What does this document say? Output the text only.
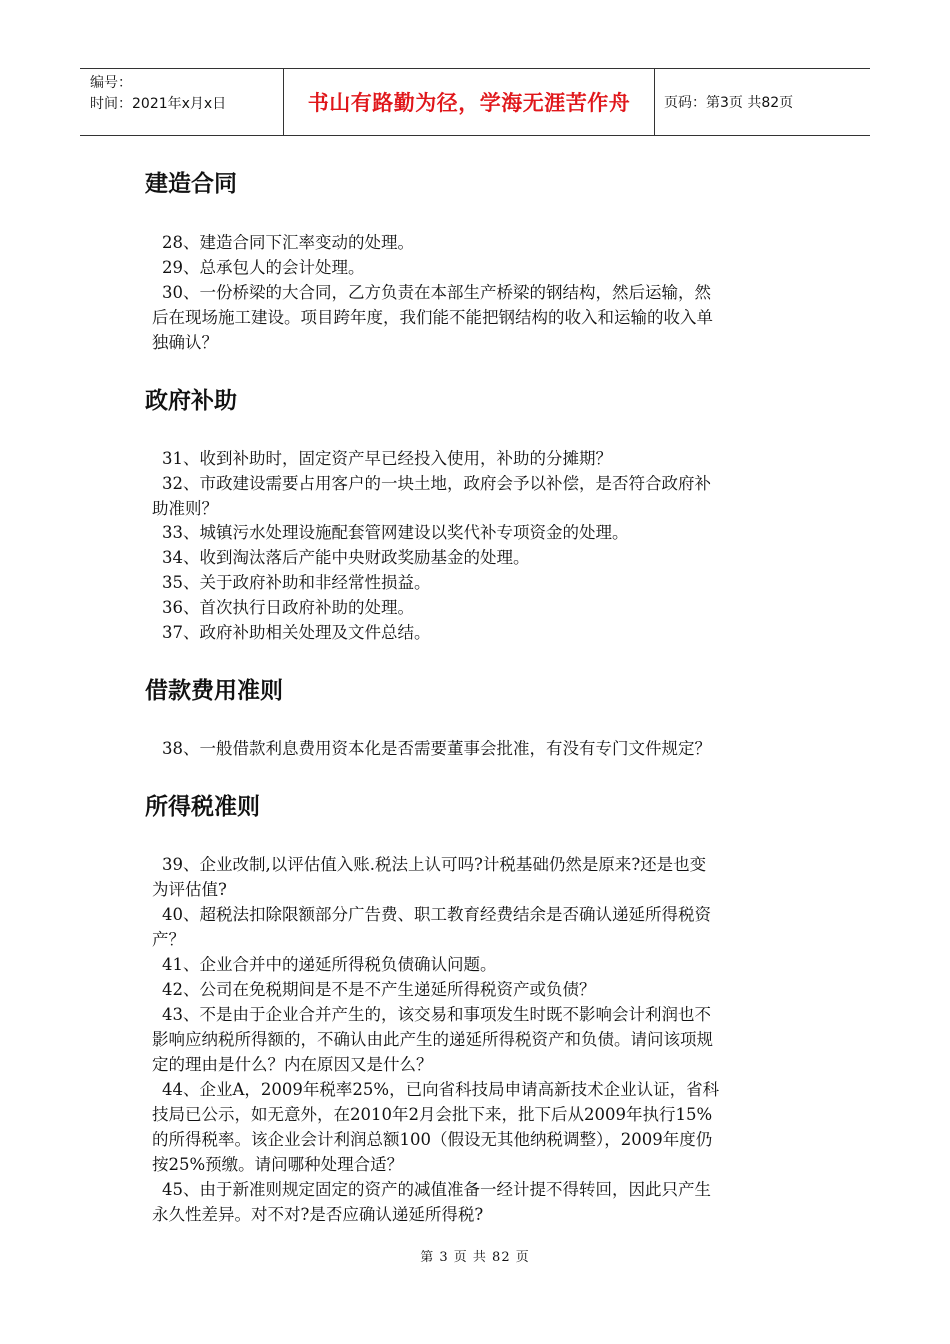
编号：
时间：2021年x月x日	书山有路勤为径，学海无涯苦作舟	页码：第3页 共82页
建造合同
28、建造合同下汇率变动的处理。
29、总承包人的会计处理。
30、一份桥梁的大合同，乙方负责在本部生产桥梁的钢结构，然后运输，然
后在现场施工建设。项目跨年度，我们能不能把钢结构的收入和运输的收入单
独确认？
政府补助
31、收到补助时，固定资产早已经投入使用，补助的分摊期？
32、市政建设需要占用客户的一块土地，政府会予以补偿，是否符合政府补
助准则？
33、城镇污水处理设施配套管网建设以奖代补专项资金的处理。
34、收到淘汰落后产能中央财政奖励基金的处理。
35、关于政府补助和非经常性损益。
36、首次执行日政府补助的处理。
37、政府补助相关处理及文件总结。
借款费用准则
38、一般借款利息费用资本化是否需要董事会批准，有没有专门文件规定？
所得税准则
39、企业改制,以评估值入账.税法上认可吗?计税基础仍然是原来?还是也变
为评估值?
40、超税法扣除限额部分广告费、职工教育经费结余是否确认递延所得税资
产？
41、企业合并中的递延所得税负债确认问题。
42、公司在免税期间是不是不产生递延所得税资产或负债？
43、不是由于企业合并产生的，该交易和事项发生时既不影响会计利润也不
影响应纳税所得额的，不确认由此产生的递延所得税资产和负债。请问该项规
定的理由是什么？内在原因又是什么？
44、企业A，2009年税率25%，已向省科技局申请高新技术企业认证，省科
技局已公示，如无意外，在2010年2月会批下来，批下后从2009年执行15%
的所得税率。该企业会计利润总额100（假设无其他纳税调整），2009年度仍
按25%预缴。请问哪种处理合适？
45、由于新准则规定固定的资产的减值准备一经计提不得转回，因此只产生
永久性差异。对不对?是否应确认递延所得税?
第 3 页 共 82 页
